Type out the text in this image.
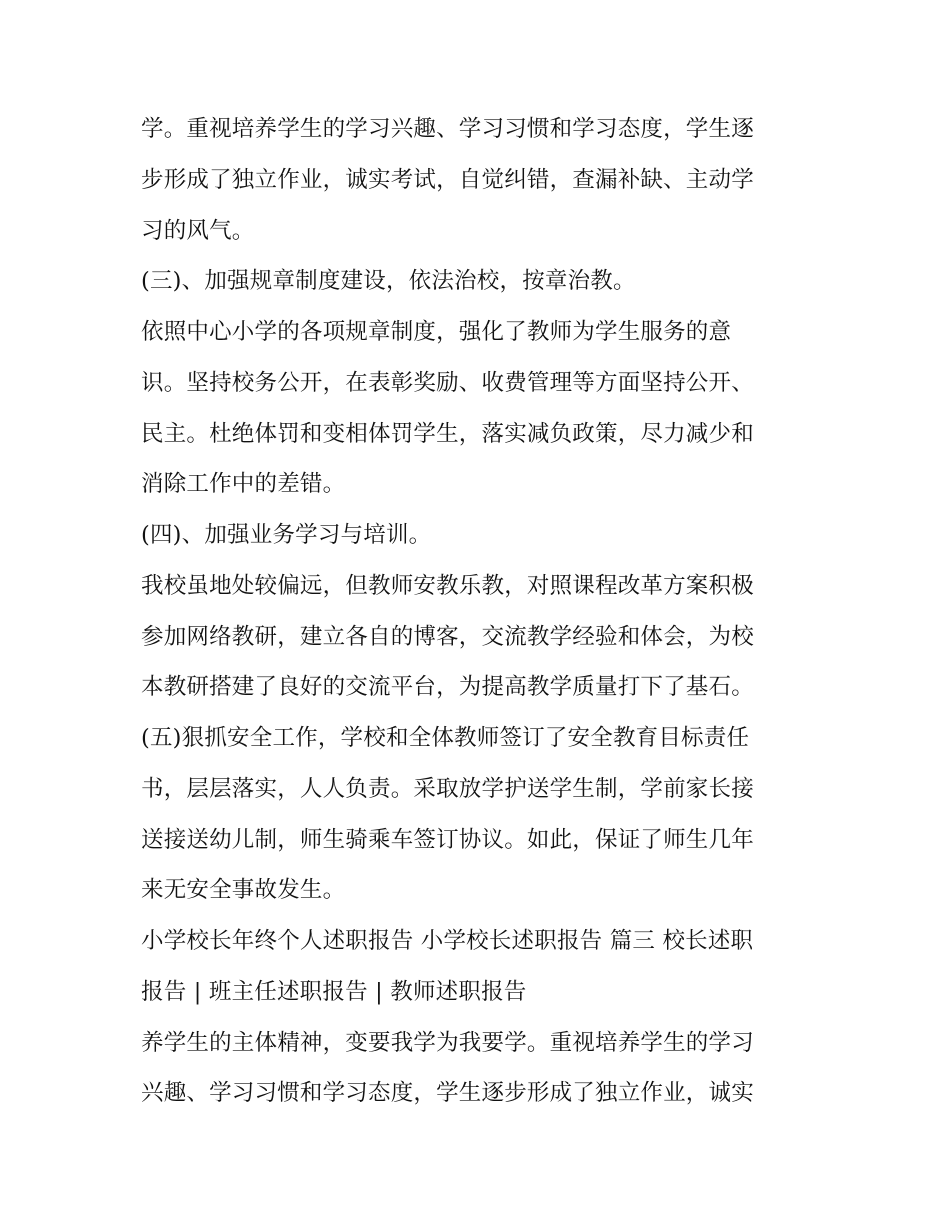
学。重视培养学生的学习兴趣、学习习惯和学习态度，学生逐
步形成了独立作业，诚实考试，自觉纠错，查漏补缺、主动学
习的风气。
(三)、加强规章制度建设，依法治校，按章治教。
依照中心小学的各项规章制度，强化了教师为学生服务的意
识。坚持校务公开，在表彰奖励、收费管理等方面坚持公开、
民主。杜绝体罚和变相体罚学生，落实减负政策，尽力减少和
消除工作中的差错。
(四)、加强业务学习与培训。
我校虽地处较偏远，但教师安教乐教，对照课程改革方案积极
参加网络教研，建立各自的博客，交流教学经验和体会，为校
本教研搭建了良好的交流平台，为提高教学质量打下了基石。
(五)狠抓安全工作，学校和全体教师签订了安全教育目标责任
书，层层落实，人人负责。采取放学护送学生制，学前家长接
送接送幼儿制，师生骑乘车签订协议。如此，保证了师生几年
来无安全事故发生。
小学校长年终个人述职报告 小学校长述职报告 篇三 校长述职
报告 | 班主任述职报告 | 教师述职报告
养学生的主体精神，变要我学为我要学。重视培养学生的学习
兴趣、学习习惯和学习态度，学生逐步形成了独立作业，诚实
